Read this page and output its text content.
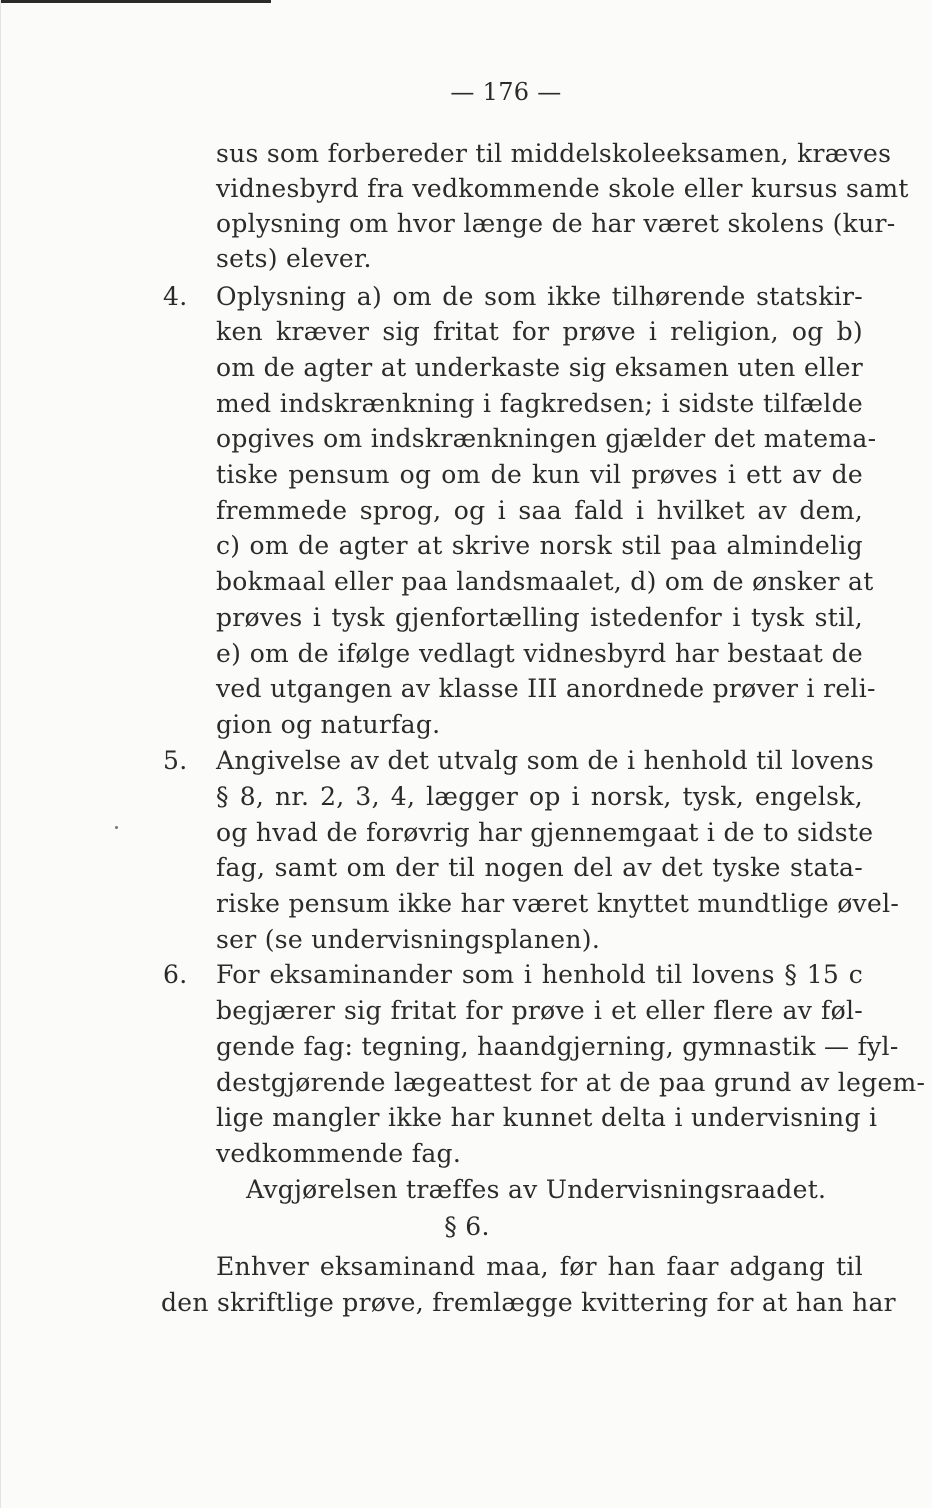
— 176 —
sus som forbereder til middelskoleeksamen, kræves
vidnesbyrd fra vedkommende skole eller kursus samt
oplysning om hvor længe de har været skolens (kur-
sets) elever.
4. Oplysning a) om de som ikke tilhørende statskir-
ken kræver sig fritat for prøve i religion, og b)
om de agter at underkaste sig eksamen uten eller
med indskrænkning i fagkredsen; i sidste tilfælde
opgives om indskrænkningen gjælder det matema-
tiske pensum og om de kun vil prøves i ett av de
fremmede sprog, og i saa fald i hvilket av dem,
c) om de agter at skrive norsk stil paa almindelig
bokmaal eller paa landsmaalet, d) om de ønsker at
prøves i tysk gjenfortælling istedenfor i tysk stil,
e) om de ifølge vedlagt vidnesbyrd har bestaat de
ved utgangen av klasse III anordnede prøver i reli-
gion og naturfag.
5. Angivelse av det utvalg som de i henhold til lovens
§ 8, nr. 2, 3, 4, lægger op i norsk, tysk, engelsk,
og hvad de forøvrig har gjennemgaat i de to sidste
fag, samt om der til nogen del av det tyske stata-
riske pensum ikke har været knyttet mundtlige øvel-
ser (se undervisningsplanen).
6. For eksaminander som i henhold til lovens § 15 c
begjærer sig fritat for prøve i et eller flere av føl-
gende fag: tegning, haandgjerning, gymnastik — fyl-
destgjørende lægeattest for at de paa grund av legem-
lige mangler ikke har kunnet delta i undervisning i
vedkommende fag.
Avgjørelsen træffes av Undervisningsraadet.
§ 6.
Enhver eksaminand maa, før han faar adgang til
den skriftlige prøve, fremlægge kvittering for at han har
